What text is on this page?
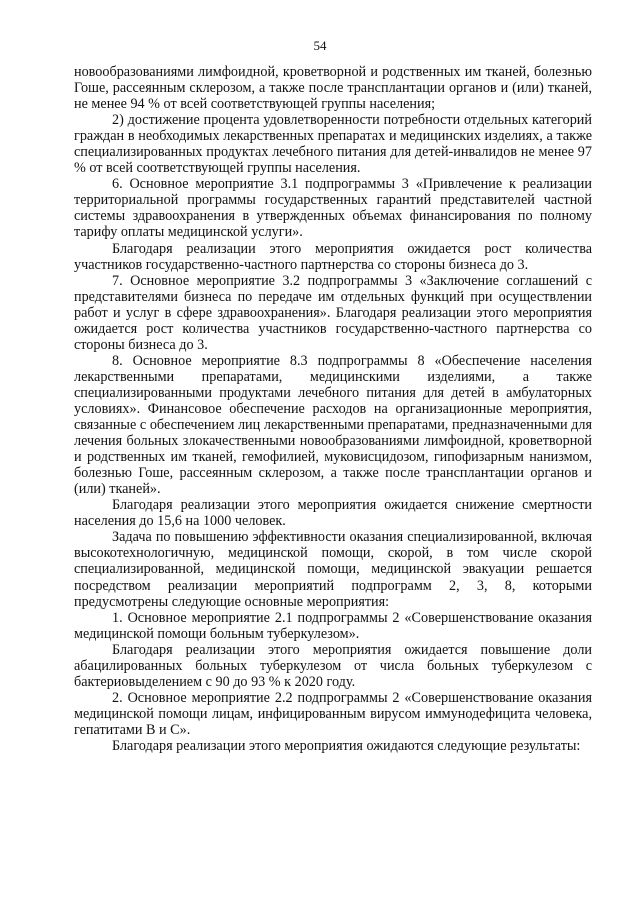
54

новообразованиями лимфоидной, кроветворной и родственных им тканей, болезнью Гоше, рассеянным склерозом, а также после трансплантации органов и (или) тканей, не менее 94 % от всей соответствующей группы населения;

2) достижение процента удовлетворенности потребности отдельных категорий граждан в необходимых лекарственных препаратах и медицинских изделиях, а также специализированных продуктах лечебного питания для детей-инвалидов не менее 97 % от всей соответствующей группы населения.

6. Основное мероприятие 3.1 подпрограммы 3 «Привлечение к реализации территориальной программы государственных гарантий представителей частной системы здравоохранения в утвержденных объемах финансирования по полному тарифу оплаты медицинской услуги».

Благодаря реализации этого мероприятия ожидается рост количества участников государственно-частного партнерства со стороны бизнеса до 3.

7. Основное мероприятие 3.2 подпрограммы 3 «Заключение соглашений с представителями бизнеса по передаче им отдельных функций при осуществлении работ и услуг в сфере здравоохранения». Благодаря реализации этого мероприятия ожидается рост количества участников государственно-частного партнерства со стороны бизнеса до 3.

8. Основное мероприятие 8.3 подпрограммы 8 «Обеспечение населения лекарственными препаратами, медицинскими изделиями, а также специализированными продуктами лечебного питания для детей в амбулаторных условиях». Финансовое обеспечение расходов на организационные мероприятия, связанные с обеспечением лиц лекарственными препаратами, предназначенными для лечения больных злокачественными новообразованиями лимфоидной, кроветворной и родственных им тканей, гемофилией, муковисцидозом, гипофизарным нанизмом, болезнью Гоше, рассеянным склерозом, а также после трансплантации органов и (или) тканей».

Благодаря реализации этого мероприятия ожидается снижение смертности населения до 15,6 на 1000 человек.

Задача по повышению эффективности оказания специализированной, включая высокотехнологичную, медицинской помощи, скорой, в том числе скорой специализированной, медицинской помощи, медицинской эвакуации решается посредством реализации мероприятий подпрограмм 2, 3, 8, которыми предусмотрены следующие основные мероприятия:

1. Основное мероприятие 2.1 подпрограммы 2 «Совершенствование оказания медицинской помощи больным туберкулезом».

Благодаря реализации этого мероприятия ожидается повышение доли абацилированных больных туберкулезом от числа больных туберкулезом с бактериовыделением с 90 до 93 % к 2020 году.

2. Основное мероприятие 2.2 подпрограммы 2 «Совершенствование оказания медицинской помощи лицам, инфицированным вирусом иммунодефицита человека, гепатитами В и С».

Благодаря реализации этого мероприятия ожидаются следующие результаты:
